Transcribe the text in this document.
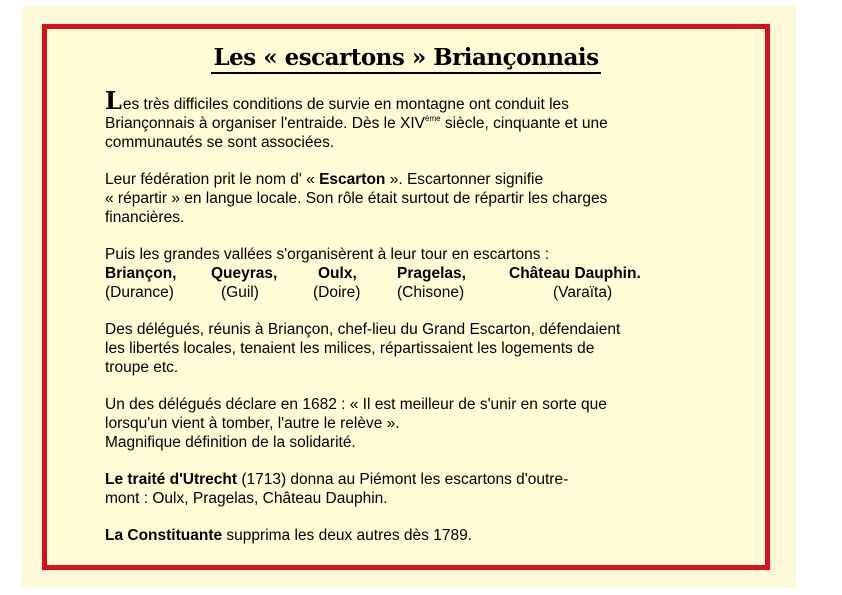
Les « escartons » Briançonnais
Les très difficiles conditions de survie en montagne ont conduit les
Briançonnais à organiser l'entraide. Dès le XIVème siècle, cinquante et une
communautés se sont associées.
Leur fédération prit le nom d' « Escarton ». Escartonner signifie
« répartir » en langue locale. Son rôle était surtout de répartir les charges
financières.
Puis les grandes vallées s'organisèrent à leur tour en escartons :
Briançon, Queyras,	Oulx,	Pragelas,	Château Dauphin.
(Durance)	(Guil)	(Doire) (Chisone)	(Varaïta)
Des délégués, réunis à Briançon, chef-lieu du Grand Escarton, défendaient
les libertés locales, tenaient les milices, répartissaient les logements de
troupe etc.
Un des délégués déclare en 1682 : « Il est meilleur de s'unir en sorte que
lorsqu'un vient à tomber, l'autre le relève ».
Magnifique définition de la solidarité.
Le traité d'Utrecht (1713) donna au Piémont les escartons d'outre-
mont : Oulx, Pragelas, Château Dauphin.
La Constituante supprima les deux autres dès 1789.
